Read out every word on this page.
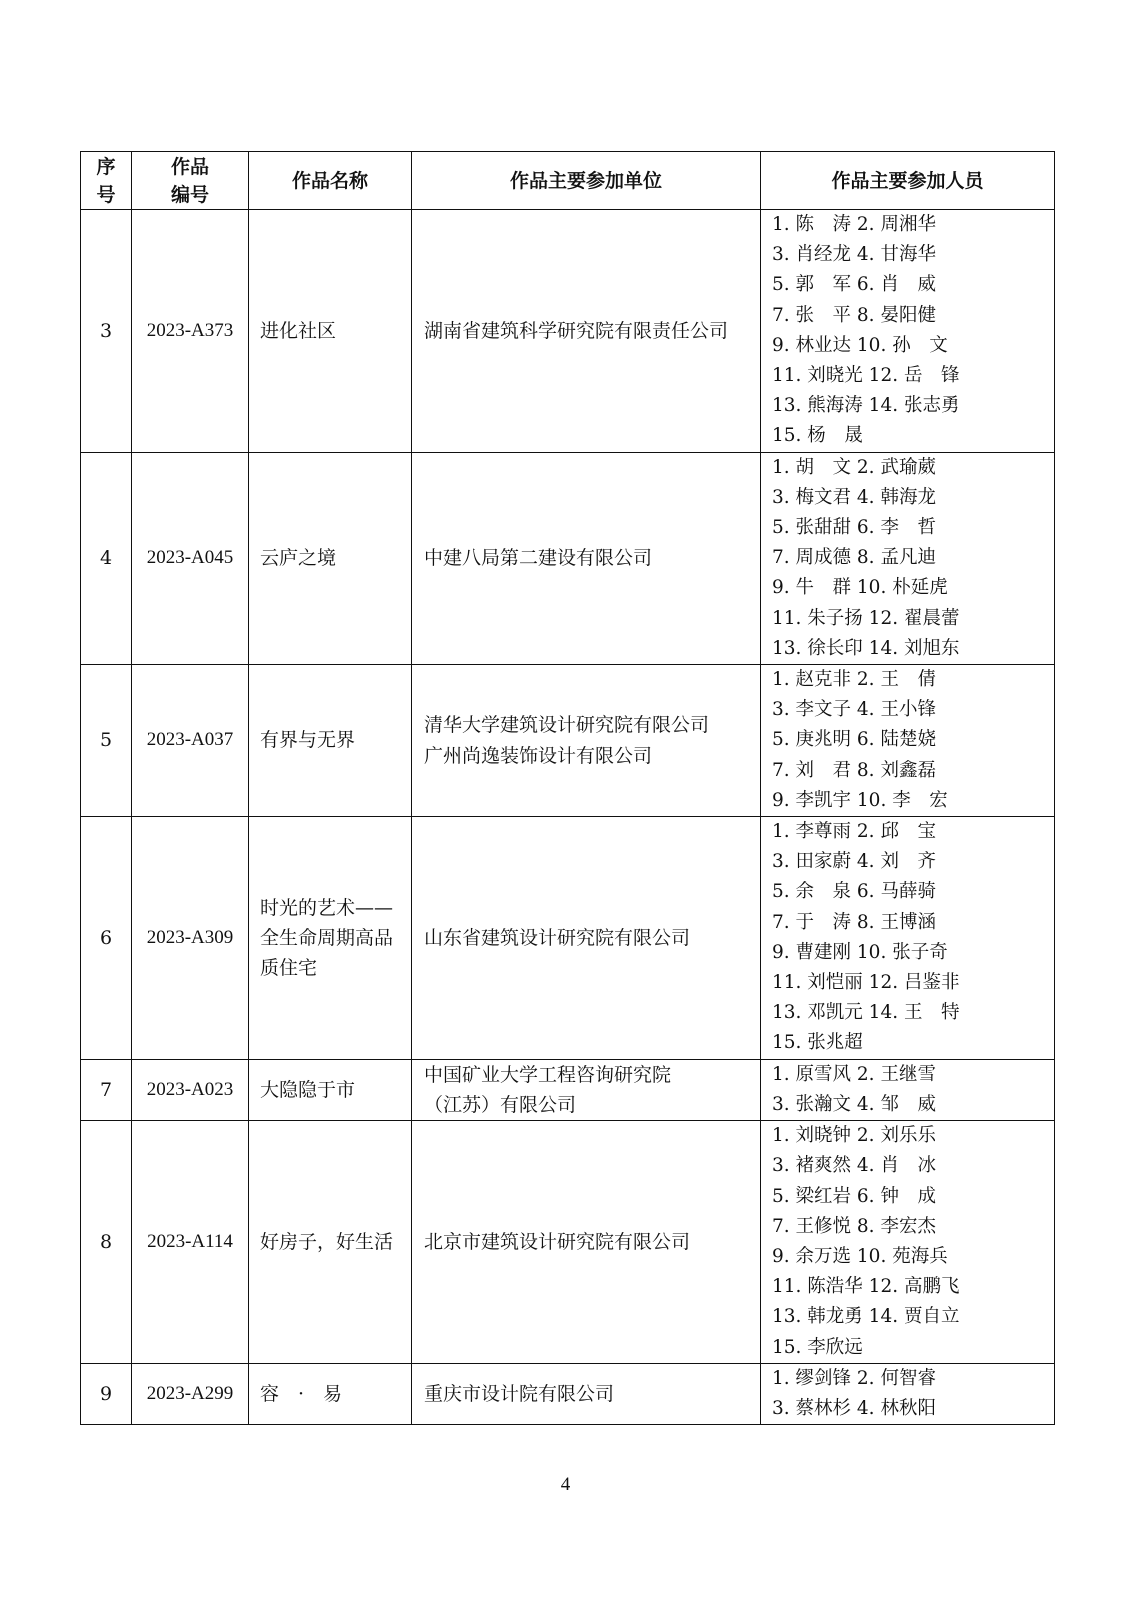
序
号	作品
编号	作品名称	作品主要参加单位	作品主要参加人员
3	2023-A373	进化社区	湖南省建筑科学研究院有限责任公司	1. 陈　涛 2. 周湘华
3. 肖经龙 4. 甘海华
5. 郭　军 6. 肖　威
7. 张　平 8. 晏阳健
9. 林业达 10. 孙　文
11. 刘晓光 12. 岳　锋
13. 熊海涛 14. 张志勇
15. 杨　晟
4	2023-A045	云庐之境	中建八局第二建设有限公司	1. 胡　文 2. 武瑜葳
3. 梅文君 4. 韩海龙
5. 张甜甜 6. 李　哲
7. 周成德 8. 孟凡迪
9. 牛　群 10. 朴延虎
11. 朱子扬 12. 翟晨蕾
13. 徐长印 14. 刘旭东
5	2023-A037	有界与无界	清华大学建筑设计研究院有限公司
广州尚逸装饰设计有限公司	1. 赵克非 2. 王　倩
3. 李文子 4. 王小锋
5. 庚兆明 6. 陆楚娆
7. 刘　君 8. 刘鑫磊
9. 李凯宇 10. 李　宏
6	2023-A309	时光的艺术——
全生命周期高品
质住宅	山东省建筑设计研究院有限公司	1. 李尊雨 2. 邱　宝
3. 田家蔚 4. 刘　齐
5. 余　泉 6. 马薛骑
7. 于　涛 8. 王博涵
9. 曹建刚 10. 张子奇
11. 刘恺丽 12. 吕鉴非
13. 邓凯元 14. 王　特
15. 张兆超
7	2023-A023	大隐隐于市	中国矿业大学工程咨询研究院
（江苏）有限公司	1. 原雪风 2. 王继雪
3. 张瀚文 4. 邹　威
8	2023-A114	好房子，好生活	北京市建筑设计研究院有限公司	1. 刘晓钟 2. 刘乐乐
3. 褚爽然 4. 肖　冰
5. 梁红岩 6. 钟　成
7. 王修悦 8. 李宏杰
9. 余万选 10. 苑海兵
11. 陈浩华 12. 高鹏飞
13. 韩龙勇 14. 贾自立
15. 李欣远
9	2023-A299	容　·　易	重庆市设计院有限公司	1. 缪剑锋 2. 何智睿
3. 蔡林杉 4. 林秋阳
4
